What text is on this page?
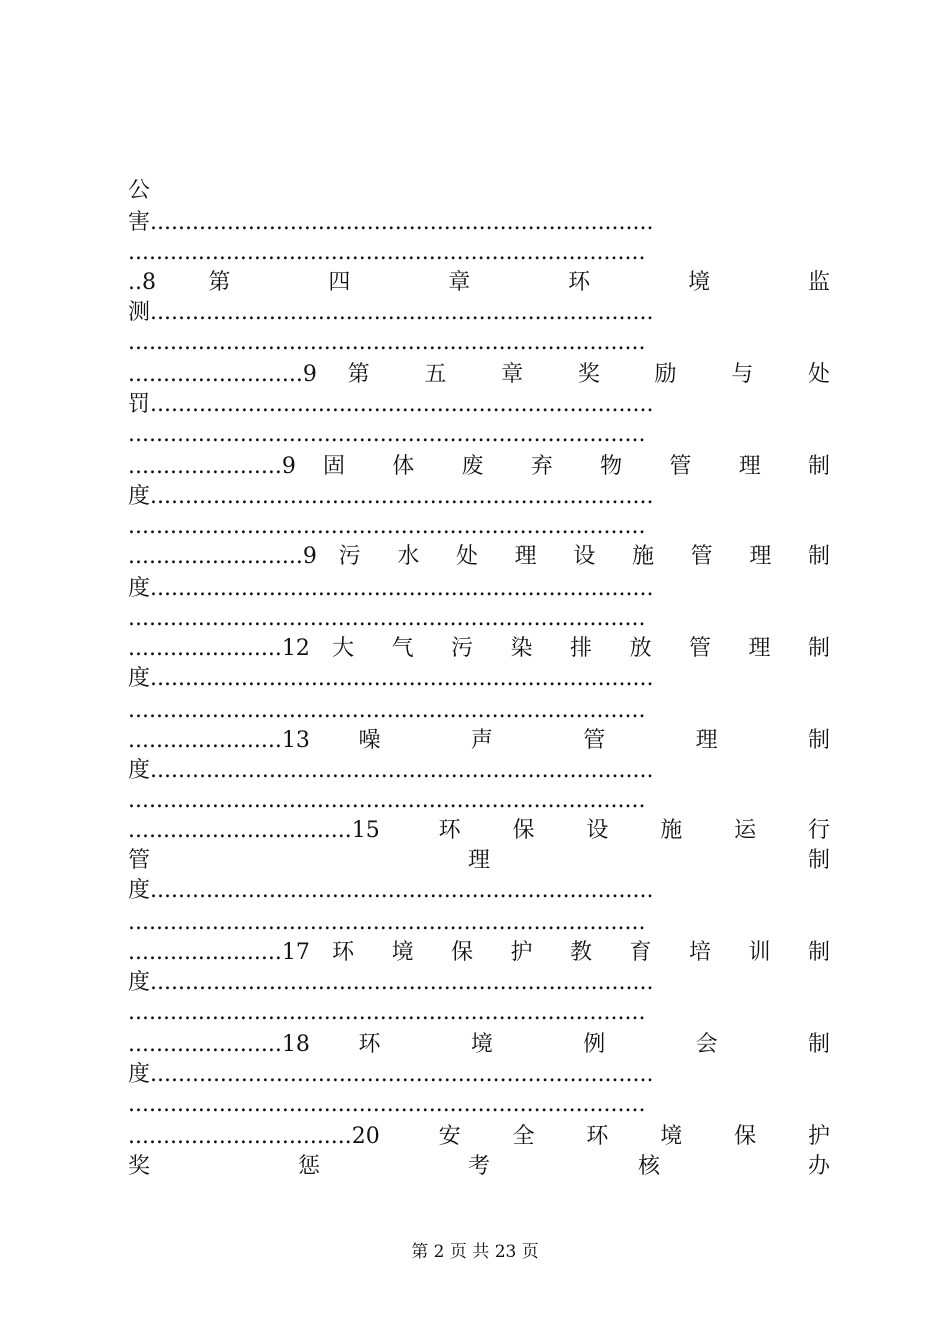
公
害........................................................................
..........................................................................
..8 第 四 章 环 境 监
测........................................................................
..........................................................................
.........................9 第 五 章 奖 励 与 处
罚........................................................................
..........................................................................
......................9 固 体 废 弃 物 管 理 制
度........................................................................
..........................................................................
.........................9 污 水 处 理 设 施 管 理 制
度........................................................................
..........................................................................
......................12 大 气 污 染 排 放 管 理 制
度........................................................................
..........................................................................
......................13 噪 声 管 理 制
度........................................................................
..........................................................................
................................15 环保设施运行
管 理 制
度........................................................................
..........................................................................
......................17 环 境 保 护 教 育 培 训 制
度........................................................................
..........................................................................
......................18 环 境 例 会 制
度........................................................................
..........................................................................
................................20 安全环境保护
奖 惩 考 核 办
第 2 页 共 23 页
